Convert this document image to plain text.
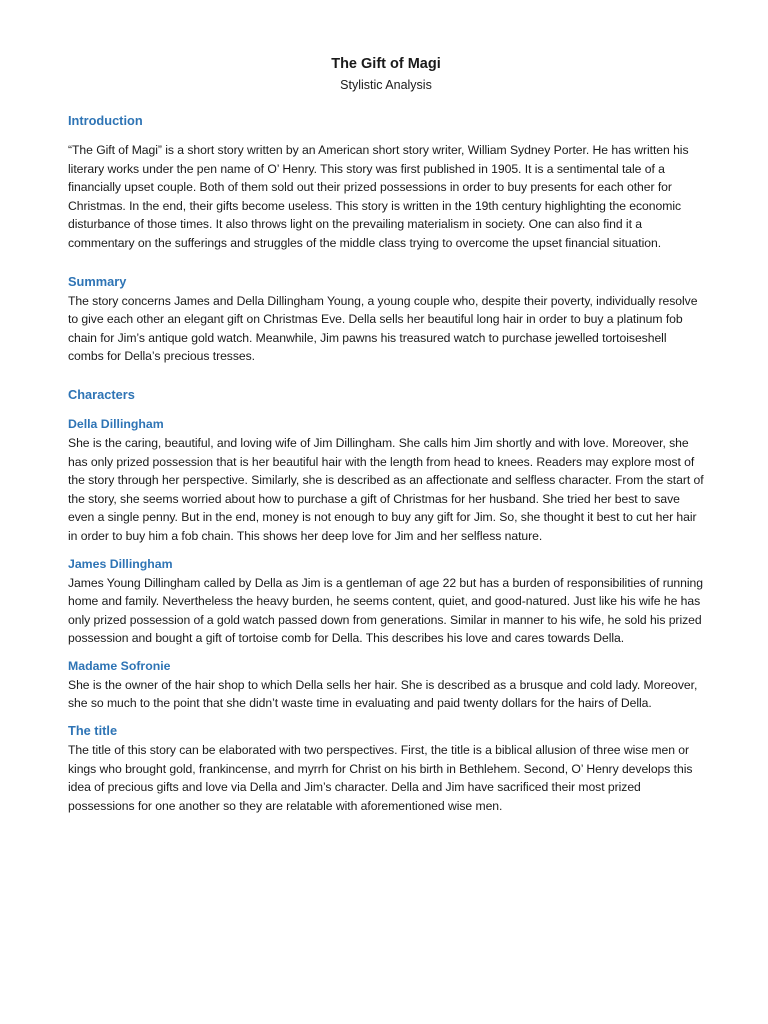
The Gift of Magi

Stylistic Analysis

Introduction

“The Gift of Magi” is a short story written by an American short story writer, William Sydney Porter. He has written his literary works under the pen name of O’ Henry. This story was first published in 1905. It is a sentimental tale of a financially upset couple. Both of them sold out their prized possessions in order to buy presents for each other for Christmas. In the end, their gifts become useless. This story is written in the 19th century highlighting the economic disturbance of those times. It also throws light on the prevailing materialism in society. One can also find it a commentary on the sufferings and struggles of the middle class trying to overcome the upset financial situation.

Summary

The story concerns James and Della Dillingham Young, a young couple who, despite their poverty, individually resolve to give each other an elegant gift on Christmas Eve. Della sells her beautiful long hair in order to buy a platinum fob chain for Jim’s antique gold watch. Meanwhile, Jim pawns his treasured watch to purchase jewelled tortoiseshell combs for Della’s precious tresses.

Characters
Della Dillingham

She is the caring, beautiful, and loving wife of Jim Dillingham. She calls him Jim shortly and with love. Moreover, she has only prized possession that is her beautiful hair with the length from head to knees. Readers may explore most of the story through her perspective. Similarly, she is described as an affectionate and selfless character. From the start of the story, she seems worried about how to purchase a gift of Christmas for her husband. She tried her best to save even a single penny. But in the end, money is not enough to buy any gift for Jim. So, she thought it best to cut her hair in order to buy him a fob chain. This shows her deep love for Jim and her selfless nature.

James Dillingham

James Young Dillingham called by Della as Jim is a gentleman of age 22 but has a burden of responsibilities of running home and family. Nevertheless the heavy burden, he seems content, quiet, and good-natured. Just like his wife he has only prized possession of a gold watch passed down from generations. Similar in manner to his wife, he sold his prized possession and bought a gift of tortoise comb for Della. This describes his love and cares towards Della.

Madame Sofronie

She is the owner of the hair shop to which Della sells her hair. She is described as a brusque and cold lady. Moreover, she so much to the point that she didn’t waste time in evaluating and paid twenty dollars for the hairs of Della.

The title

The title of this story can be elaborated with two perspectives. First, the title is a biblical allusion of three wise men or kings who brought gold, frankincense, and myrrh for Christ on his birth in Bethlehem. Second, O’ Henry develops this idea of precious gifts and love via Della and Jim’s character. Della and Jim have sacrificed their most prized possessions for one another so they are relatable with aforementioned wise men.
